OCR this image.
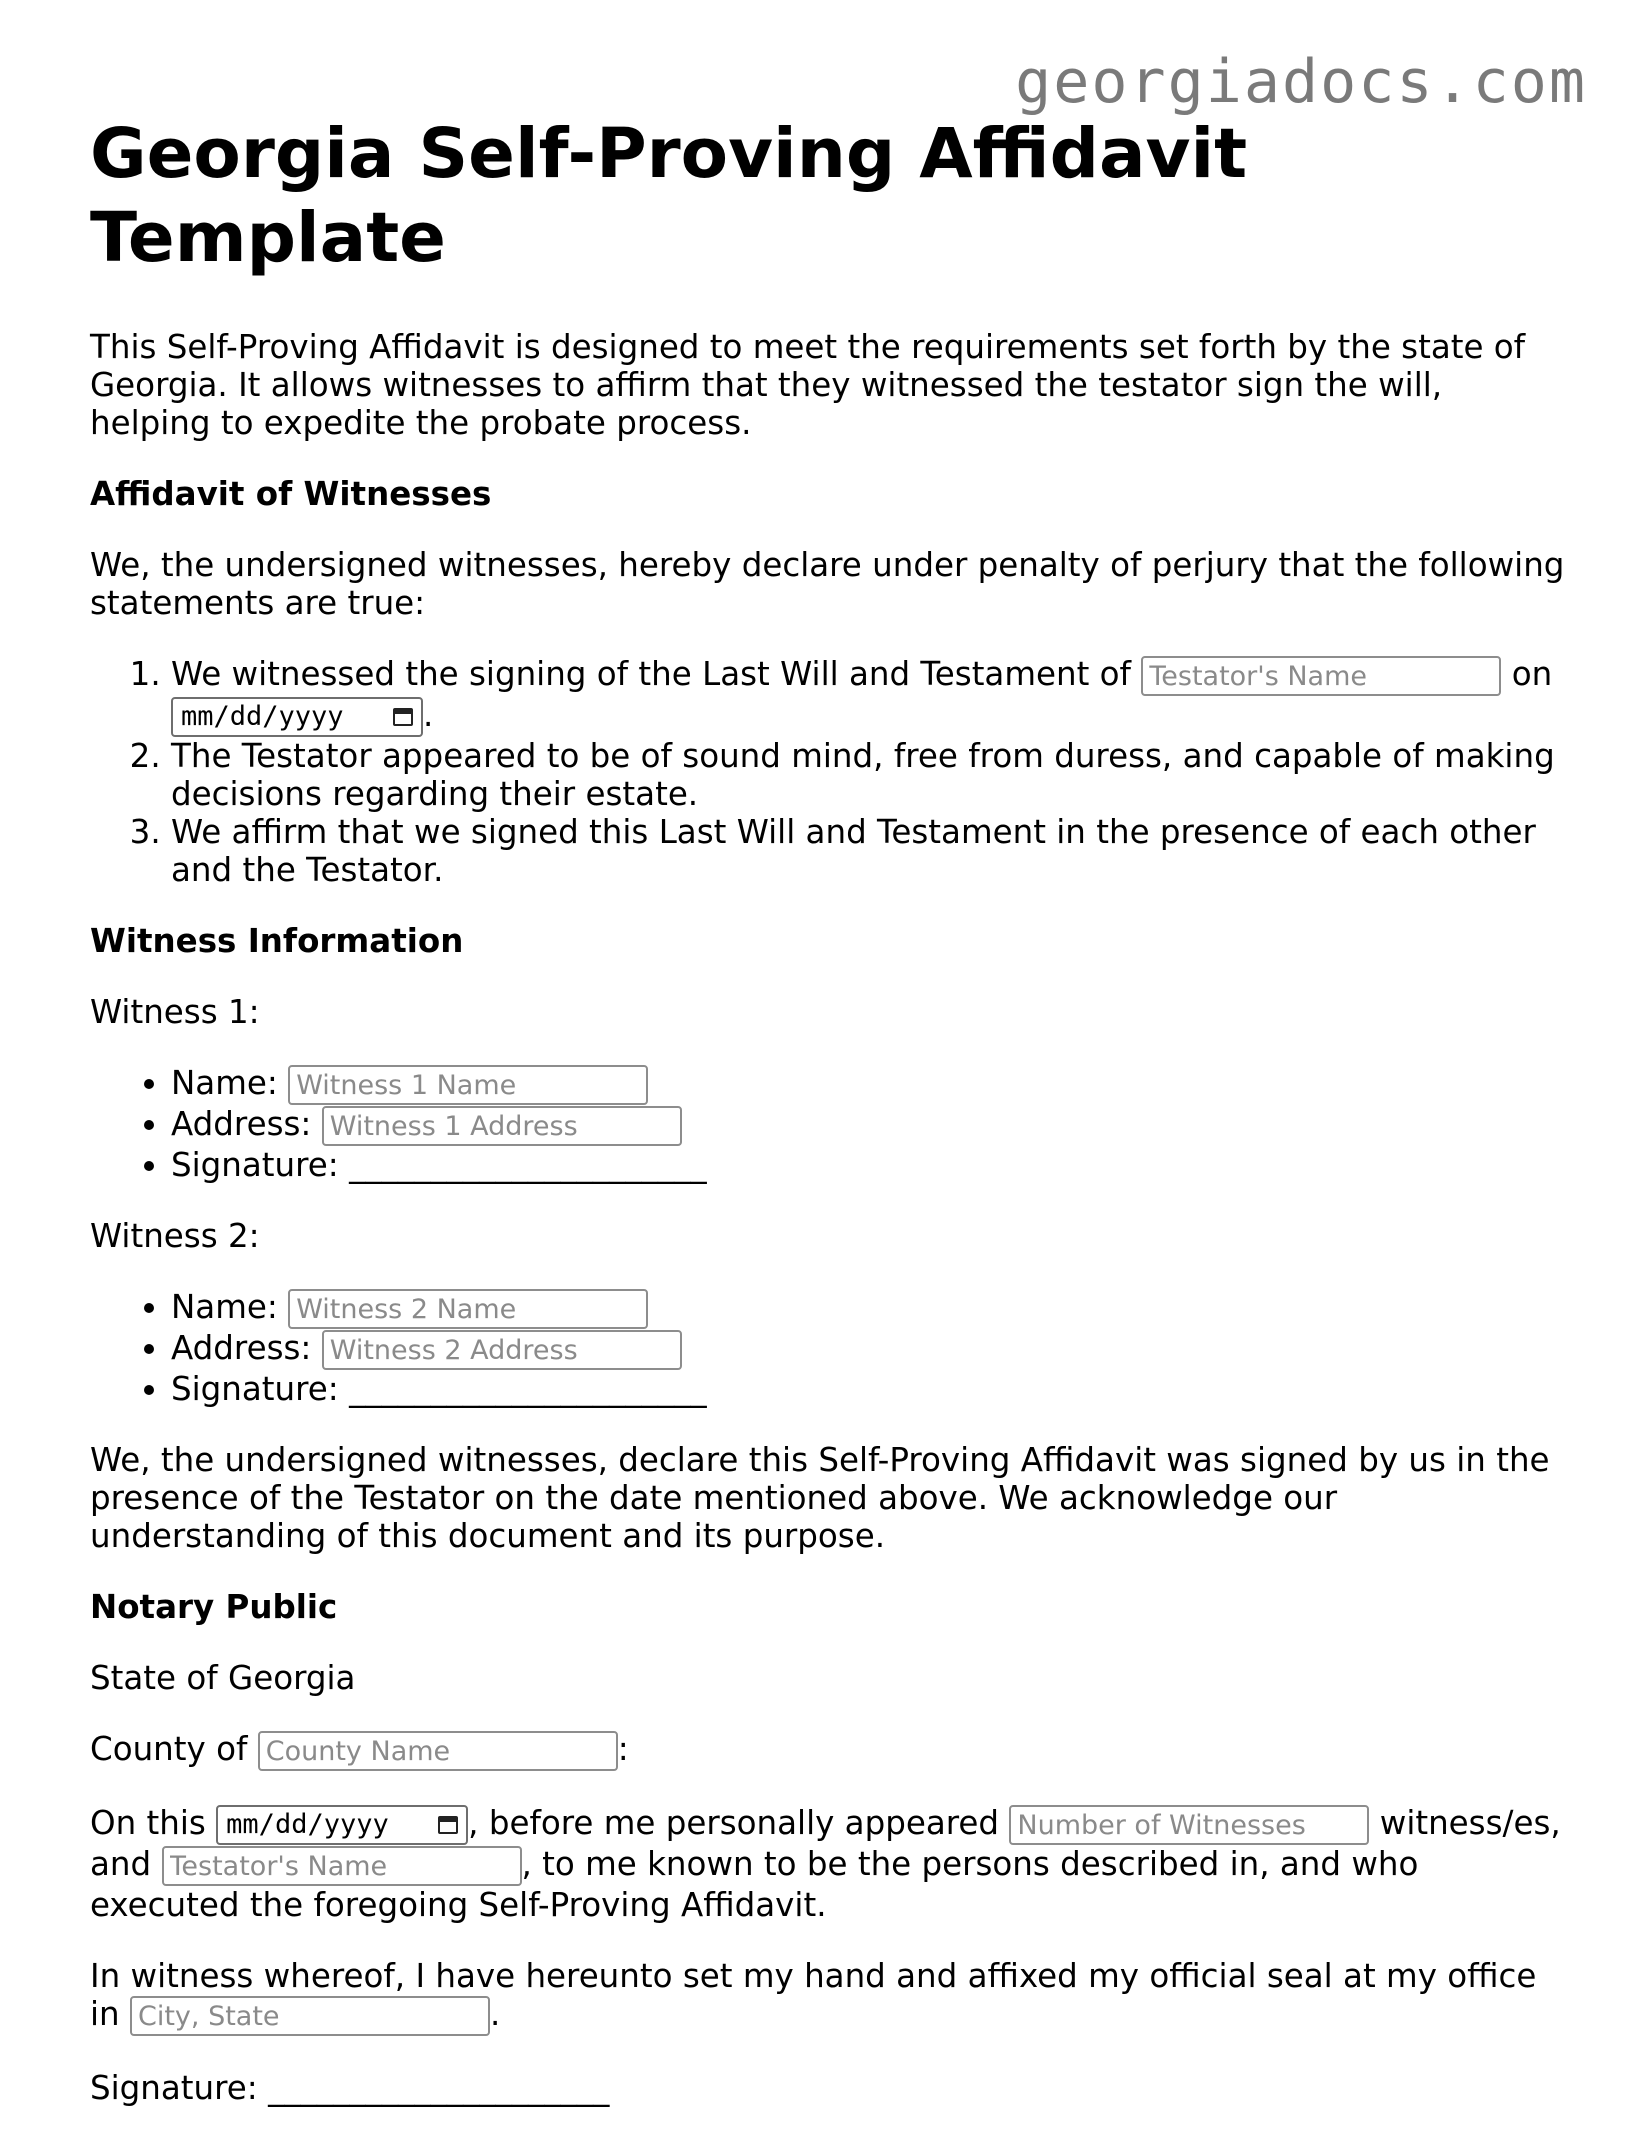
georgiadocs.com
Georgia Self-Proving Affidavit Template

This Self-Proving Affidavit is designed to meet the requirements set forth by the state of Georgia. It allows witnesses to affirm that they witnessed the testator sign the will, helping to expedite the probate process.

Affidavit of Witnesses

We, the undersigned witnesses, hereby declare under penalty of perjury that the following statements are true:

1. We witnessed the signing of the Last Will and Testament of Testator's Name	on mm/dd/yyyy .
2. The Testator appeared to be of sound mind, free from duress, and capable of making decisions regarding their estate.
3. We affirm that we signed this Last Will and Testament in the presence of each other and the Testator.
Witness Information

Witness 1:

• Name: Witness 1 Name
• Address: Witness 1 Address
• Signature: ______________________

Witness 2:

• Name: Witness 2 Name
• Address: Witness 2 Address
• Signature: ______________________

We, the undersigned witnesses, declare this Self-Proving Affidavit was signed by us in the presence of the Testator on the date mentioned above. We acknowledge our understanding of this document and its purpose.

Notary Public

State of Georgia

County of County Name	:

On this mm/dd/yyyy , before me personally appeared Number of Witnesses	witness/es, and Testator's Name	, to me known to be the persons described in, and who executed the foregoing Self-Proving Affidavit.

In witness whereof, I have hereunto set my hand and affixed my official seal at my office in City, State	.

Signature: _____________________
